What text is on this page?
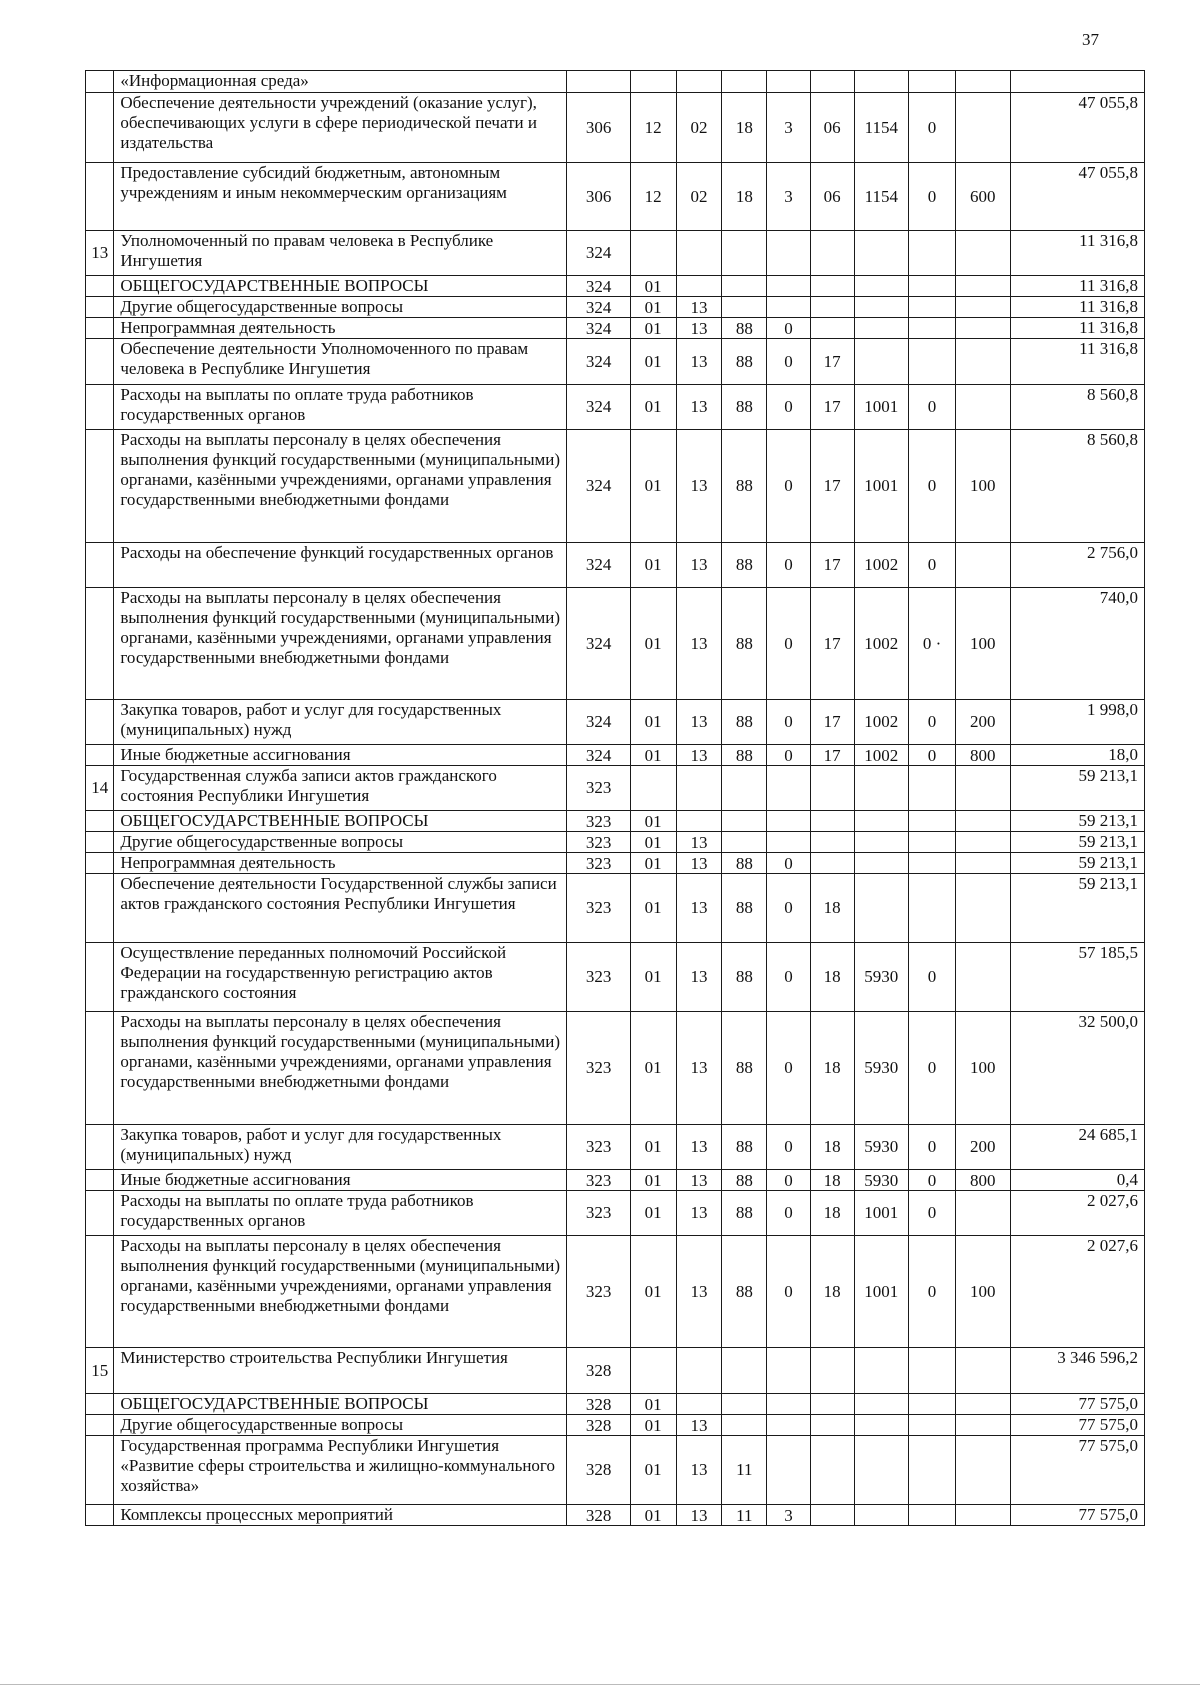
37
	«Информационная среда»										
	Обеспечение деятельности учреждений (оказание услуг), обеспечивающих услуги в сфере периодической печати и издательства	306	12	02	18	3	06	1154	0		47 055,8
	Предоставление субсидий бюджетным, автономным учреждениям и иным некоммерческим организациям	306	12	02	18	3	06	1154	0	600	47 055,8
13	Уполномоченный по правам человека в Республике Ингушетия	324									11 316,8
	ОБЩЕГОСУДАРСТВЕННЫЕ ВОПРОСЫ	324	01								11 316,8
	Другие общегосударственные вопросы	324	01	13							11 316,8
	Непрограммная деятельность	324	01	13	88	0					11 316,8
	Обеспечение деятельности Уполномоченного по правам человека в Республике Ингушетия	324	01	13	88	0	17				11 316,8
	Расходы на выплаты по оплате труда работников государственных органов	324	01	13	88	0	17	1001	0		8 560,8
	Расходы на выплаты персоналу в целях обеспечения выполнения функций государственными (муниципальными) органами, казёнными учреждениями, органами управления государственными внебюджетными фондами	324	01	13	88	0	17	1001	0	100	8 560,8
	Расходы на обеспечение функций государственных органов	324	01	13	88	0	17	1002	0		2 756,0
	Расходы на выплаты персоналу в целях обеспечения выполнения функций государственными (муниципальными) органами, казёнными учреждениями, органами управления государственными внебюджетными фондами	324	01	13	88	0	17	1002	0 ·	100	740,0
	Закупка товаров, работ и услуг для государственных (муниципальных) нужд	324	01	13	88	0	17	1002	0	200	1 998,0
	Иные бюджетные ассигнования	324	01	13	88	0	17	1002	0	800	18,0
14	Государственная служба записи актов гражданского состояния Республики Ингушетия	323									59 213,1
	ОБЩЕГОСУДАРСТВЕННЫЕ ВОПРОСЫ	323	01								59 213,1
	Другие общегосударственные вопросы	323	01	13							59 213,1
	Непрограммная деятельность	323	01	13	88	0					59 213,1
	Обеспечение деятельности Государственной службы записи актов гражданского состояния Республики Ингушетия	323	01	13	88	0	18				59 213,1
	Осуществление переданных полномочий Российской Федерации на государственную регистрацию актов гражданского состояния	323	01	13	88	0	18	5930	0		57 185,5
	Расходы на выплаты персоналу в целях обеспечения выполнения функций государственными (муниципальными) органами, казёнными учреждениями, органами управления государственными внебюджетными фондами	323	01	13	88	0	18	5930	0	100	32 500,0
	Закупка товаров, работ и услуг для государственных (муниципальных) нужд	323	01	13	88	0	18	5930	0	200	24 685,1
	Иные бюджетные ассигнования	323	01	13	88	0	18	5930	0	800	0,4
	Расходы на выплаты по оплате труда работников государственных органов	323	01	13	88	0	18	1001	0		2 027,6
	Расходы на выплаты персоналу в целях обеспечения выполнения функций государственными (муниципальными) органами, казёнными учреждениями, органами управления государственными внебюджетными фондами	323	01	13	88	0	18	1001	0	100	2 027,6
15	Министерство строительства Республики Ингушетия	328									3 346 596,2
	ОБЩЕГОСУДАРСТВЕННЫЕ ВОПРОСЫ	328	01								77 575,0
	Другие общегосударственные вопросы	328	01	13							77 575,0
	Государственная программа Республики Ингушетия «Развитие сферы строительства и жилищно-коммунального хозяйства»	328	01	13	11						77 575,0
	Комплексы процессных мероприятий	328	01	13	11	3					77 575,0
